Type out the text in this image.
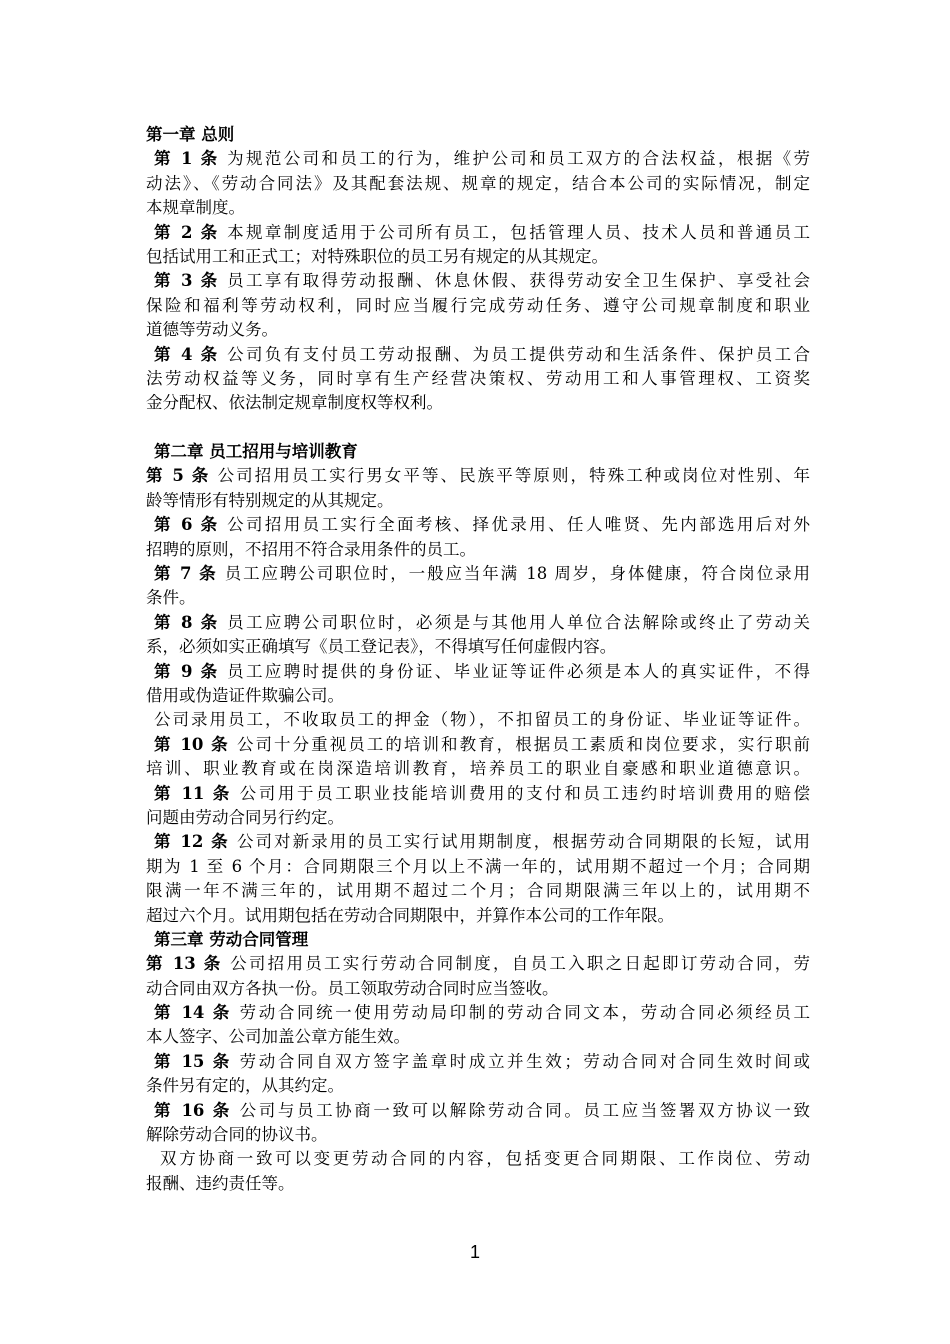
第一章 总则
第 1 条 为规范公司和员工的行为，维护公司和员工双方的合法权益，根据《劳
动法》、《劳动合同法》及其配套法规、规章的规定，结合本公司的实际情况，制定
本规章制度。
第 2 条 本规章制度适用于公司所有员工，包括管理人员、技术人员和普通员工
包括试用工和正式工；对特殊职位的员工另有规定的从其规定。
第 3 条 员工享有取得劳动报酬、休息休假、获得劳动安全卫生保护、享受社会
保险和福利等劳动权利，同时应当履行完成劳动任务、遵守公司规章制度和职业
道德等劳动义务。
第 4 条 公司负有支付员工劳动报酬、为员工提供劳动和生活条件、保护员工合
法劳动权益等义务，同时享有生产经营决策权、劳动用工和人事管理权、工资奖
金分配权、依法制定规章制度权等权利。
第二章 员工招用与培训教育
第 5 条 公司招用员工实行男女平等、民族平等原则，特殊工种或岗位对性别、年
龄等情形有特别规定的从其规定。
第 6 条 公司招用员工实行全面考核、择优录用、任人唯贤、先内部选用后对外
招聘的原则，不招用不符合录用条件的员工。
第 7 条 员工应聘公司职位时，一般应当年满 18 周岁，身体健康，符合岗位录用
条件。
第 8 条 员工应聘公司职位时，必须是与其他用人单位合法解除或终止了劳动关
系，必须如实正确填写《员工登记表》，不得填写任何虚假内容。
第 9 条 员工应聘时提供的身份证、毕业证等证件必须是本人的真实证件，不得
借用或伪造证件欺骗公司。
公司录用员工，不收取员工的押金（物），不扣留员工的身份证、毕业证等证件。
第 10 条 公司十分重视员工的培训和教育，根据员工素质和岗位要求，实行职前
培训、职业教育或在岗深造培训教育，培养员工的职业自豪感和职业道德意识。
第 11 条 公司用于员工职业技能培训费用的支付和员工违约时培训费用的赔偿
问题由劳动合同另行约定。
第 12 条 公司对新录用的员工实行试用期制度，根据劳动合同期限的长短，试用
期为 1 至 6 个月：合同期限三个月以上不满一年的，试用期不超过一个月；合同期
限满一年不满三年的，试用期不超过二个月；合同期限满三年以上的，试用期不
超过六个月。试用期包括在劳动合同期限中，并算作本公司的工作年限。
第三章 劳动合同管理
第 13 条 公司招用员工实行劳动合同制度，自员工入职之日起即订劳动合同，劳
动合同由双方各执一份。员工领取劳动合同时应当签收。
第 14 条 劳动合同统一使用劳动局印制的劳动合同文本，劳动合同必须经员工
本人签字、公司加盖公章方能生效。
第 15 条 劳动合同自双方签字盖章时成立并生效；劳动合同对合同生效时间或
条件另有定的，从其约定。
第 16 条 公司与员工协商一致可以解除劳动合同。员工应当签署双方协议一致
解除劳动合同的协议书。
双方协商一致可以变更劳动合同的内容，包括变更合同期限、工作岗位、劳动
报酬、违约责任等。
1
